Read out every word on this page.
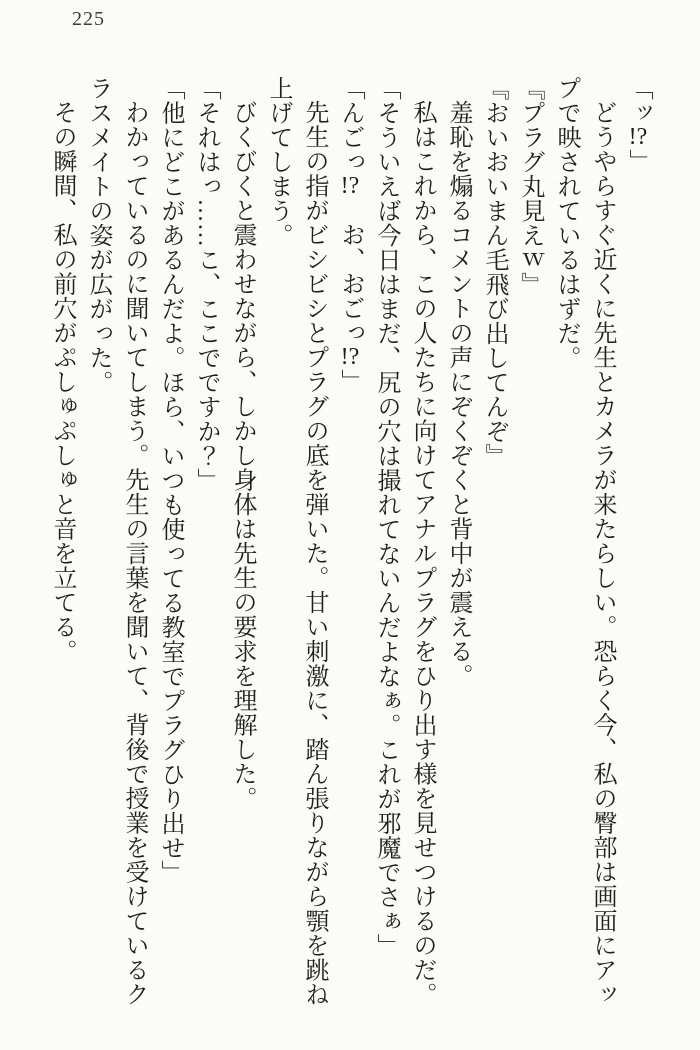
225

「ッ!?」

どうやらすぐ近くに先生とカメラが来たらしい。恐らく今、私の臀部は画面にアッ

プで映されているはずだ。

『プラグ丸見えｗ』

『おいおいまん毛飛び出してんぞ』

羞恥を煽るコメントの声にぞくぞくと背中が震える。

私はこれから、この人たちに向けてアナルプラグをひり出す様を見せつけるのだ。

「そういえば今日はまだ、尻の穴は撮れてないんだよなぁ。これが邪魔でさぁ」

「んごっ!?　お、おごっ!?」

先生の指がビシビシとプラグの底を弾いた。甘い刺激に、踏ん張りながら顎を跳ね

上げてしまう。

びくびくと震わせながら、しかし身体は先生の要求を理解した。

「それはっ……こ、ここでですか？」

「他にどこがあるんだよ。ほら、いつも使ってる教室でプラグひり出せ」

わかっているのに聞いてしまう。先生の言葉を聞いて、背後で授業を受けているク

ラスメイトの姿が広がった。

その瞬間、私の前穴がぷしゅぷしゅと音を立てる。
